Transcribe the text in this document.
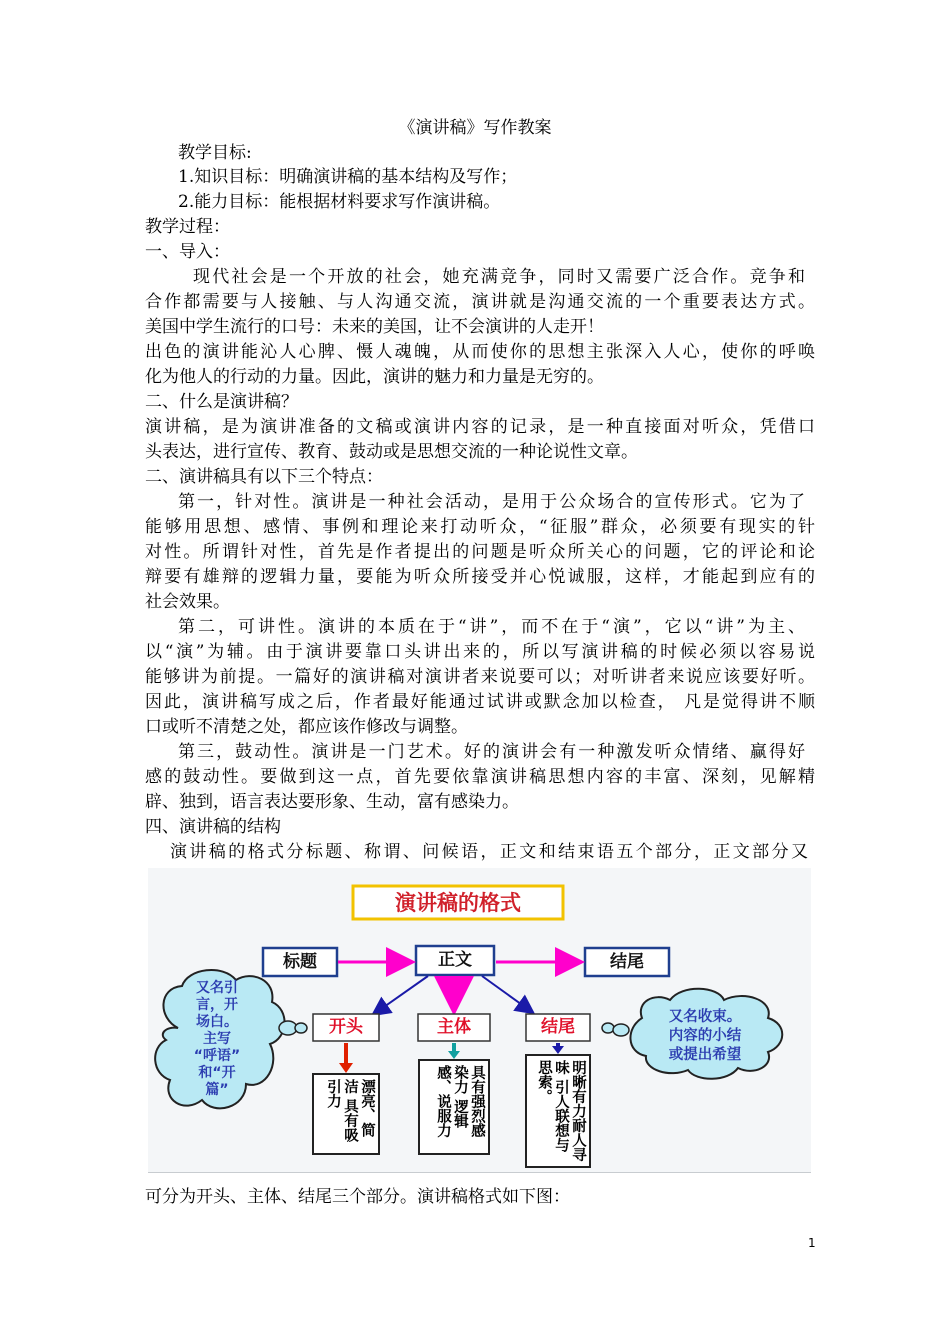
《演讲稿》写作教案
教学目标:
1.知识目标：明确演讲稿的基本结构及写作；
2.能力目标：能根据材料要求写作演讲稿。
教学过程：
一、导入：
现代社会是一个开放的社会，她充满竞争，同时又需要广泛合作。竞争和
合作都需要与人接触、与人沟通交流，演讲就是沟通交流的一个重要表达方式。
美国中学生流行的口号：未来的美国，让不会演讲的人走开！
出色的演讲能沁人心脾、慑人魂魄，从而使你的思想主张深入人心，使你的呼唤
化为他人的行动的力量。因此，演讲的魅力和力量是无穷的。
二、什么是演讲稿？
演讲稿，是为演讲准备的文稿或演讲内容的记录，是一种直接面对听众，凭借口
头表达，进行宣传、教育、鼓动或是思想交流的一种论说性文章。
二、演讲稿具有以下三个特点：
第一，针对性。演讲是一种社会活动，是用于公众场合的宣传形式。它为了
能够用思想、感情、事例和理论来打动听众，“征服”群众，必须要有现实的针
对性。所谓针对性，首先是作者提出的问题是听众所关心的问题，它的评论和论
辩要有雄辩的逻辑力量，要能为听众所接受并心悦诚服，这样，才能起到应有的
社会效果。
第二，可讲性。演讲的本质在于“讲”，而不在于“演”，它以“讲”为主、
以“演”为辅。由于演讲要靠口头讲出来的，所以写演讲稿的时候必须以容易说
能够讲为前提。一篇好的演讲稿对演讲者来说要可以；对听讲者来说应该要好听。
因此，演讲稿写成之后，作者最好能通过试讲或默念加以检查， 凡是觉得讲不顺
口或听不清楚之处，都应该作修改与调整。
第三，鼓动性。演讲是一门艺术。好的演讲会有一种激发听众情绪、赢得好
感的鼓动性。要做到这一点，首先要依靠演讲稿思想内容的丰富、深刻，见解精
辟、独到，语言表达要形象、生动，富有感染力。
四、演讲稿的结构
演讲稿的格式分标题、称谓、问候语，正文和结束语五个部分，正文部分又
可分为开头、主体、结尾三个部分。演讲稿格式如下图：
1
演讲稿的格式
标题	正文	结尾
开头	主体	结尾
漂亮、简洁 具有吸引力	具有强烈感染力 逻辑感、说服力	明晰有力耐人寻味 引人联想与思索。
又名引
言，开
场白。
主写
“呼语”
和“开
篇”
又名收束。
内容的小结
或提出希望
